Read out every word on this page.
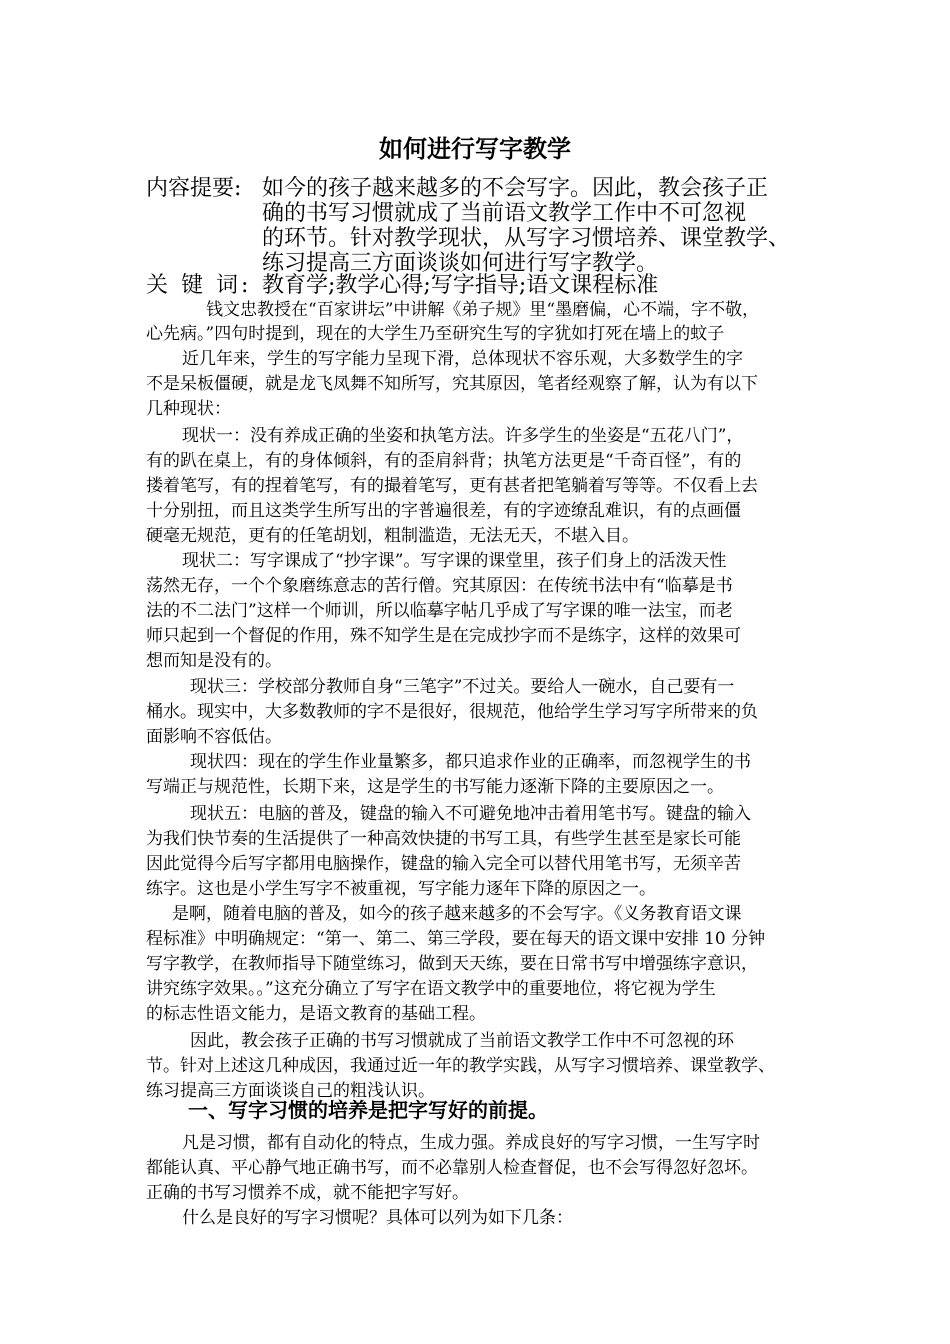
如何进行写字教学
内容提要: 如今的孩子越来越多的不会写字。因此，教会孩子正
确的书写习惯就成了当前语文教学工作中不可忽视
的环节。针对教学现状，从写字习惯培养、课堂教学、
练习提高三方面谈谈如何进行写字教学。
关 键 词: 教育学;教学心得;写字指导;语文课程标准
钱文忠教授在“百家讲坛”中讲解《弟子规》里“墨磨偏，心不端，字不敬，
心先病。”四句时提到，现在的大学生乃至研究生写的字犹如打死在墙上的蚊子
近几年来，学生的写字能力呈现下滑，总体现状不容乐观，大多数学生的字
不是呆板僵硬，就是龙飞凤舞不知所写，究其原因，笔者经观察了解，认为有以下
几种现状：
现状一：没有养成正确的坐姿和执笔方法。许多学生的坐姿是“五花八门”，
有的趴在桌上，有的身体倾斜，有的歪肩斜背；执笔方法更是“千奇百怪”，有的
搂着笔写，有的捏着笔写，有的撮着笔写，更有甚者把笔躺着写等等。不仅看上去
十分别扭，而且这类学生所写出的字普遍很差，有的字迹缭乱难识，有的点画僵
硬毫无规范，更有的任笔胡划，粗制滥造，无法无天，不堪入目。
现状二：写字课成了“抄字课”。写字课的课堂里，孩子们身上的活泼天性
荡然无存，一个个象磨练意志的苦行僧。究其原因：在传统书法中有“临摹是书
法的不二法门”这样一个师训，所以临摹字帖几乎成了写字课的唯一法宝，而老
师只起到一个督促的作用，殊不知学生是在完成抄字而不是练字，这样的效果可
想而知是没有的。
现状三：学校部分教师自身“三笔字”不过关。要给人一碗水，自己要有一
桶水。现实中，大多数教师的字不是很好，很规范，他给学生学习写字所带来的负
面影响不容低估。
现状四：现在的学生作业量繁多，都只追求作业的正确率，而忽视学生的书
写端正与规范性，长期下来，这是学生的书写能力逐渐下降的主要原因之一。
现状五：电脑的普及，键盘的输入不可避免地冲击着用笔书写。键盘的输入
为我们快节奏的生活提供了一种高效快捷的书写工具，有些学生甚至是家长可能
因此觉得今后写字都用电脑操作，键盘的输入完全可以替代用笔书写，无须辛苦
练字。这也是小学生写字不被重视，写字能力逐年下降的原因之一。
是啊，随着电脑的普及，如今的孩子越来越多的不会写字。《义务教育语文课
程标准》中明确规定：“第一、第二、第三学段，要在每天的语文课中安排 10 分钟
写字教学，在教师指导下随堂练习，做到天天练，要在日常书写中增强练字意识，
讲究练字效果。。”这充分确立了写字在语文教学中的重要地位，将它视为学生
的标志性语文能力，是语文教育的基础工程。
因此，教会孩子正确的书写习惯就成了当前语文教学工作中不可忽视的环
节。针对上述这几种成因，我通过近一年的教学实践，从写字习惯培养、课堂教学、
练习提高三方面谈谈自己的粗浅认识。
一、写字习惯的培养是把字写好的前提。
凡是习惯，都有自动化的特点，生成力强。养成良好的写字习惯，一生写字时
都能认真、平心静气地正确书写，而不必靠别人检查督促，也不会写得忽好忽坏。
正确的书写习惯养不成，就不能把字写好。
什么是良好的写字习惯呢？具体可以列为如下几条：
